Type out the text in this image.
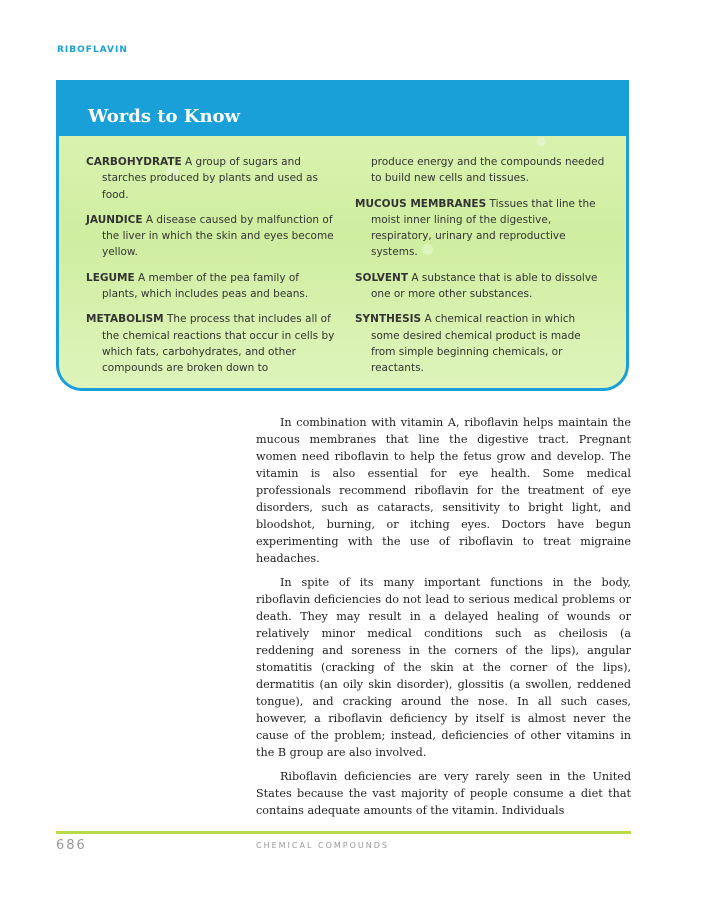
RIBOFLAVIN
Words to Know
CARBOHYDRATE A group of sugars and starches produced by plants and used as food.
JAUNDICE A disease caused by malfunction of the liver in which the skin and eyes become yellow.
LEGUME A member of the pea family of plants, which includes peas and beans.
METABOLISM The process that includes all of the chemical reactions that occur in cells by which fats, carbohydrates, and other compounds are broken down to
produce energy and the compounds needed to build new cells and tissues.
MUCOUS MEMBRANES Tissues that line the moist inner lining of the digestive, respiratory, urinary and reproductive systems.
SOLVENT A substance that is able to dissolve one or more other substances.
SYNTHESIS A chemical reaction in which some desired chemical product is made from simple beginning chemicals, or reactants.

In combination with vitamin A, riboflavin helps maintain the mucous membranes that line the digestive tract. Pregnant women need riboflavin to help the fetus grow and develop. The vitamin is also essential for eye health. Some medical professionals recommend riboflavin for the treatment of eye disorders, such as cataracts, sensitivity to bright light, and bloodshot, burning, or itching eyes. Doctors have begun experimenting with the use of riboflavin to treat migraine headaches.

In spite of its many important functions in the body, riboflavin deficiencies do not lead to serious medical problems or death. They may result in a delayed healing of wounds or relatively minor medical conditions such as cheilosis (a reddening and soreness in the corners of the lips), angular stomatitis (cracking of the skin at the corner of the lips), dermatitis (an oily skin disorder), glossitis (a swollen, reddened tongue), and cracking around the nose. In all such cases, however, a riboflavin deficiency by itself is almost never the cause of the problem; instead, deficiencies of other vitamins in the B group are also involved.

Riboflavin deficiencies are very rarely seen in the United States because the vast majority of people consume a diet that contains adequate amounts of the vitamin. Individuals

686	CHEMICAL COMPOUNDS
